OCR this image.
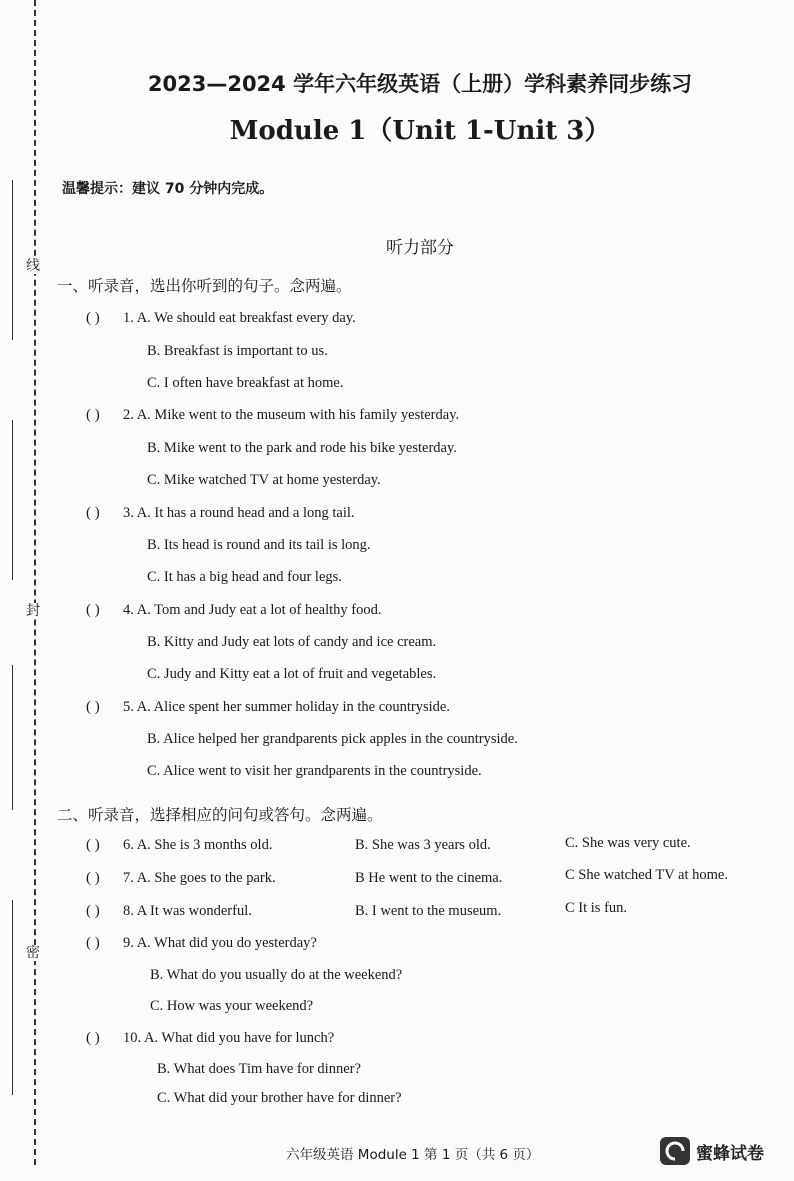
线
封
密
2023—2024 学年六年级英语（上册）学科素养同步练习
Module 1（Unit 1-Unit 3）
温馨提示：建议 70 分钟内完成。
听力部分
一、听录音，选出你听到的句子。念两遍。
( ) 1. A. We should eat breakfast every day.
B. Breakfast is important to us.
C. I often have breakfast at home.
( ) 2. A. Mike went to the museum with his family yesterday.
B. Mike went to the park and rode his bike yesterday.
C. Mike watched TV at home yesterday.
( ) 3. A. It has a round head and a long tail.
B. Its head is round and its tail is long.
C. It has a big head and four legs.
( ) 4. A. Tom and Judy eat a lot of healthy food.
B. Kitty and Judy eat lots of candy and ice cream.
C. Judy and Kitty eat a lot of fruit and vegetables.
( ) 5. A. Alice spent her summer holiday in the countryside.
B. Alice helped her grandparents pick apples in the countryside.
C. Alice went to visit her grandparents in the countryside.
二、听录音，选择相应的问句或答句。念两遍。
( ) 6. A. She is 3 months old.	B. She was 3 years old.	C. She was very cute.
( ) 7. A. She goes to the park.	B He went to the cinema.	C She watched TV at home.
( ) 8. A It was wonderful.	B. I went to the museum.	C It is fun.
( ) 9. A. What did you do yesterday?
B. What do you usually do at the weekend?
C. How was your weekend?
( ) 10. A. What did you have for lunch?
B. What does Tim have for dinner?
C. What did your brother have for dinner?
六年级英语 Module 1 第 1 页（共 6 页）	蜜蜂试卷
